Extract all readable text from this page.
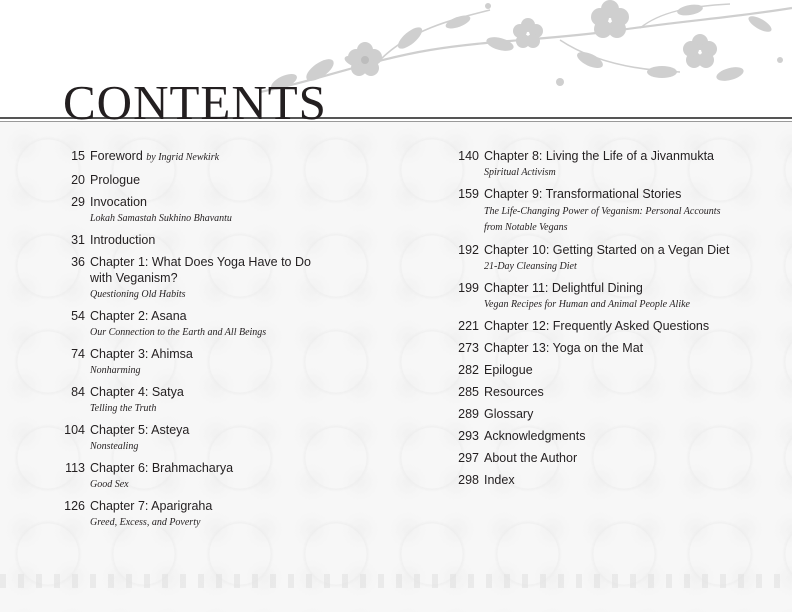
CONTENTS
15 Foreword by Ingrid Newkirk
20 Prologue
29 Invocation
Lokah Samastah Sukhino Bhavantu
31 Introduction
36 Chapter 1: What Does Yoga Have to Do with Veganism?
Questioning Old Habits
54 Chapter 2: Asana
Our Connection to the Earth and All Beings
74 Chapter 3: Ahimsa
Nonharming
84 Chapter 4: Satya
Telling the Truth
104 Chapter 5: Asteya
Nonstealing
113 Chapter 6: Brahmacharya
Good Sex
126 Chapter 7: Aparigraha
Greed, Excess, and Poverty
140 Chapter 8: Living the Life of a Jivanmukta
Spiritual Activism
159 Chapter 9: Transformational Stories
The Life-Changing Power of Veganism: Personal Accounts from Notable Vegans
192 Chapter 10: Getting Started on a Vegan Diet
21-Day Cleansing Diet
199 Chapter 11: Delightful Dining
Vegan Recipes for Human and Animal People Alike
221 Chapter 12: Frequently Asked Questions
273 Chapter 13: Yoga on the Mat
282 Epilogue
285 Resources
289 Glossary
293 Acknowledgments
297 About the Author
298 Index
